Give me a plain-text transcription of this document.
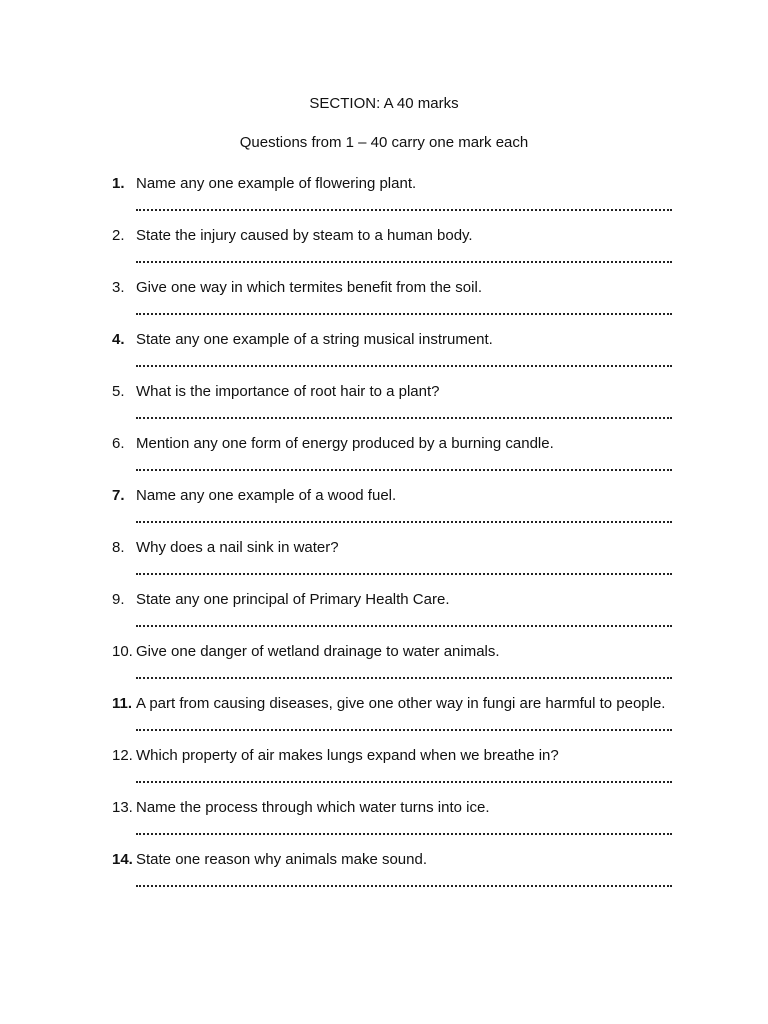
SECTION: A 40 marks
Questions from 1 – 40 carry one mark each
1. Name any one example of flowering plant.
2. State the injury caused by steam to a human body.
3. Give one way in which termites benefit from the soil.
4. State any one example of a string musical instrument.
5. What is the importance of root hair to a plant?
6. Mention any one form of energy produced by a burning candle.
7. Name any one example of a wood fuel.
8. Why does a nail sink in water?
9. State any one principal of Primary Health Care.
10. Give one danger of wetland drainage to water animals.
11. A part from causing diseases, give one other way in fungi are harmful to people.
12. Which property of air makes lungs expand when we breathe in?
13. Name the process through which water turns into ice.
14. State one reason why animals make sound.
